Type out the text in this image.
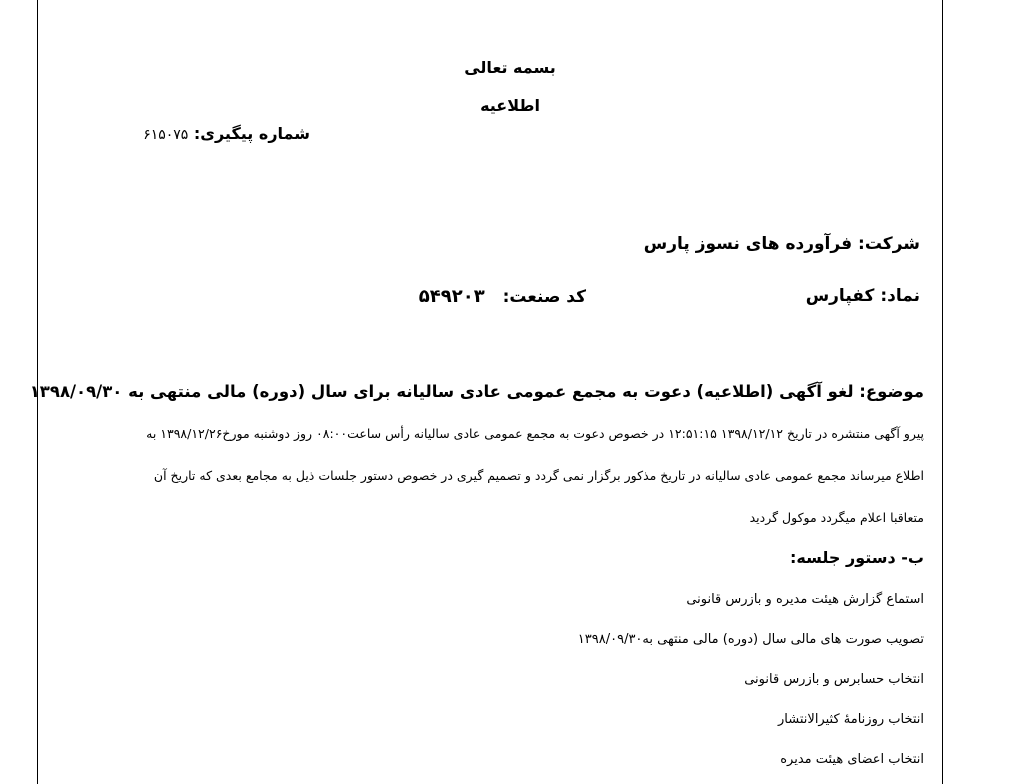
بسمه تعالی
اطلاعیه
شماره پیگیری: ۶۱۵۰۷۵
شرکت: فرآورده های نسوز پارس
نماد: کفپارس
کد صنعت: ۵۴۹۲۰۳
موضوع: لغو آگهی (اطلاعیه) دعوت به مجمع عمومی عادی سالیانه برای سال (دوره) مالی منتهی به ۱۳۹۸/۰۹/۳۰
پیرو آگهی منتشره در تاریخ ۱۳۹۸/۱۲/۱۲ ۱۲:۵۱:۱۵ در خصوص دعوت به مجمع عمومی عادی سالیانه رأس ساعت۰۸:۰۰ روز دوشنبه مورخ۱۳۹۸/۱۲/۲۶ به
اطلاع میرساند مجمع عمومی عادی سالیانه در تاریخ مذکور برگزار نمی گردد و تصمیم گیری در خصوص دستور جلسات ذیل به مجامع بعدی که تاریخ آن
متعاقبا اعلام میگردد موکول گردید
ب- دستور جلسه:
استماع گزارش هیئت مدیره و بازرس قانونی
تصویب صورت های مالی سال (دوره) مالی منتهی به۱۳۹۸/۰۹/۳۰
انتخاب حسابرس و بازرس قانونی
انتخاب روزنامهٔ کثیرالانتشار
انتخاب اعضای هیئت مدیره
